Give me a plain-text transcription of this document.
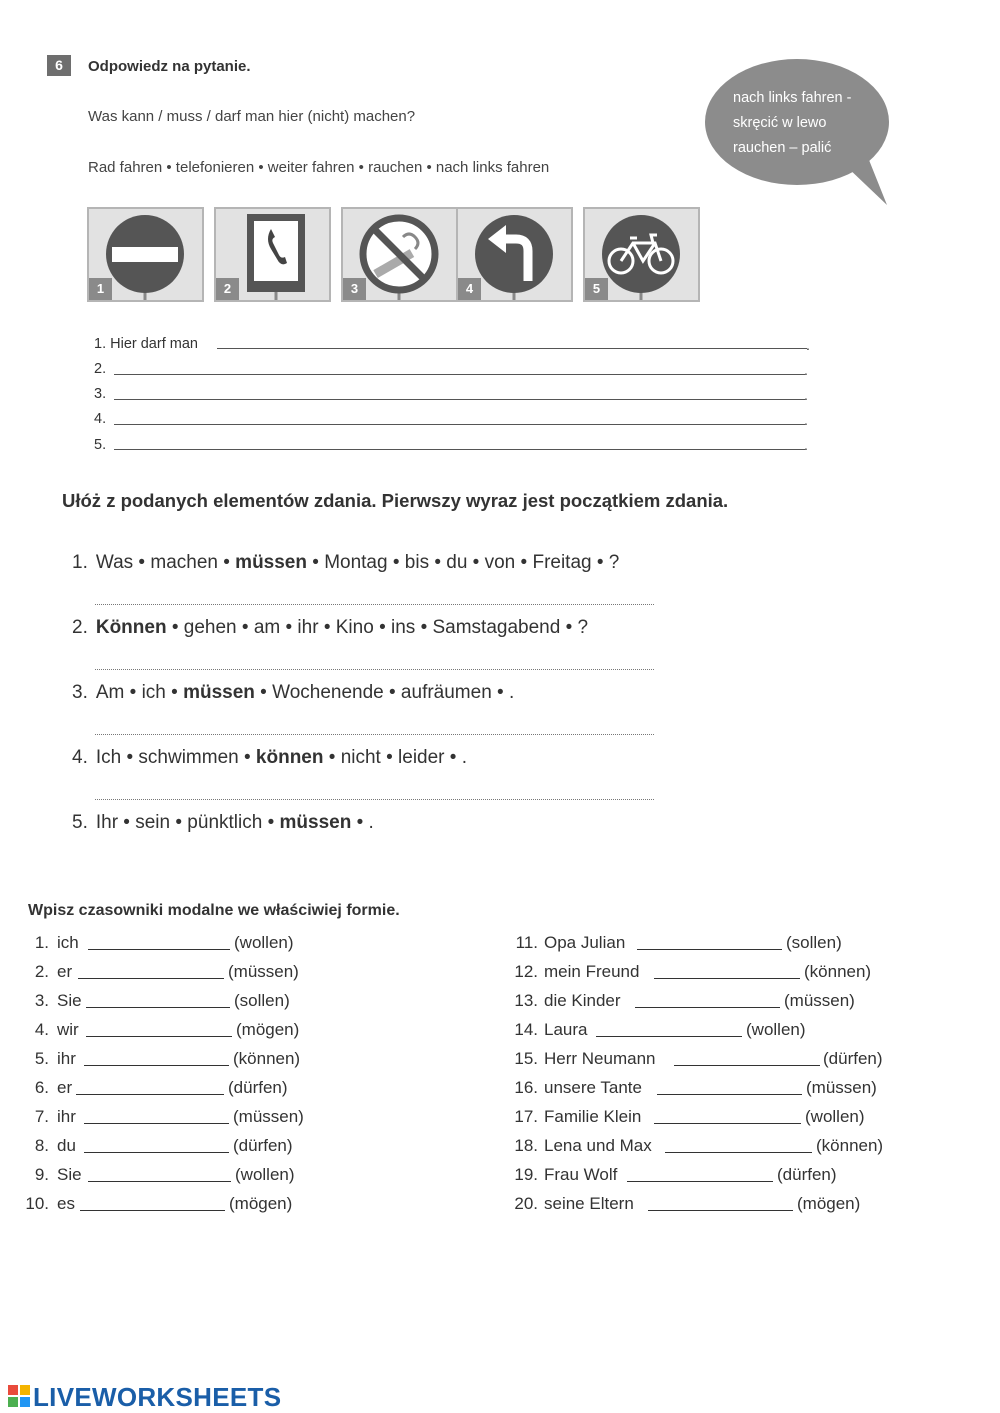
6	Odpowiedz na pytanie.
Was kann / muss / darf man hier (nicht) machen?
Rad fahren • telefonieren • weiter fahren • rauchen • nach links fahren
nach links fahren -
skręcić w lewo
rauchen – palić
1	2	3	4	5
1. Hier darf man	.
2.	.
3.	.
4.	.
5.	.
Ułóż z podanych elementów zdania. Pierwszy wyraz jest początkiem zdania.
1. Was • machen • müssen • Montag • bis • du • von • Freitag • ?
2. Können • gehen • am • ihr • Kino • ins • Samstagabend • ?
3. Am • ich • müssen • Wochenende • aufräumen • .
4. Ich • schwimmen • können • nicht • leider • .
5. Ihr • sein • pünktlich • müssen • .
Wpisz czasowniki modalne we właściwiej formie.
1. ich	(wollen)
2. er	(müssen)
3. Sie	(sollen)
4. wir	(mögen)
5. ihr	(können)
6. er	(dürfen)
7. ihr	(müssen)
8. du	(dürfen)
9. Sie	(wollen)
10. es	(mögen)
11. Opa Julian	(sollen)
12. mein Freund	(können)
13. die Kinder	(müssen)
14. Laura	(wollen)
15. Herr Neumann	(dürfen)
16. unsere Tante	(müssen)
17. Familie Klein	(wollen)
18. Lena und Max	(können)
19. Frau Wolf	(dürfen)
20. seine Eltern	(mögen)
LIVEWORKSHEETS
